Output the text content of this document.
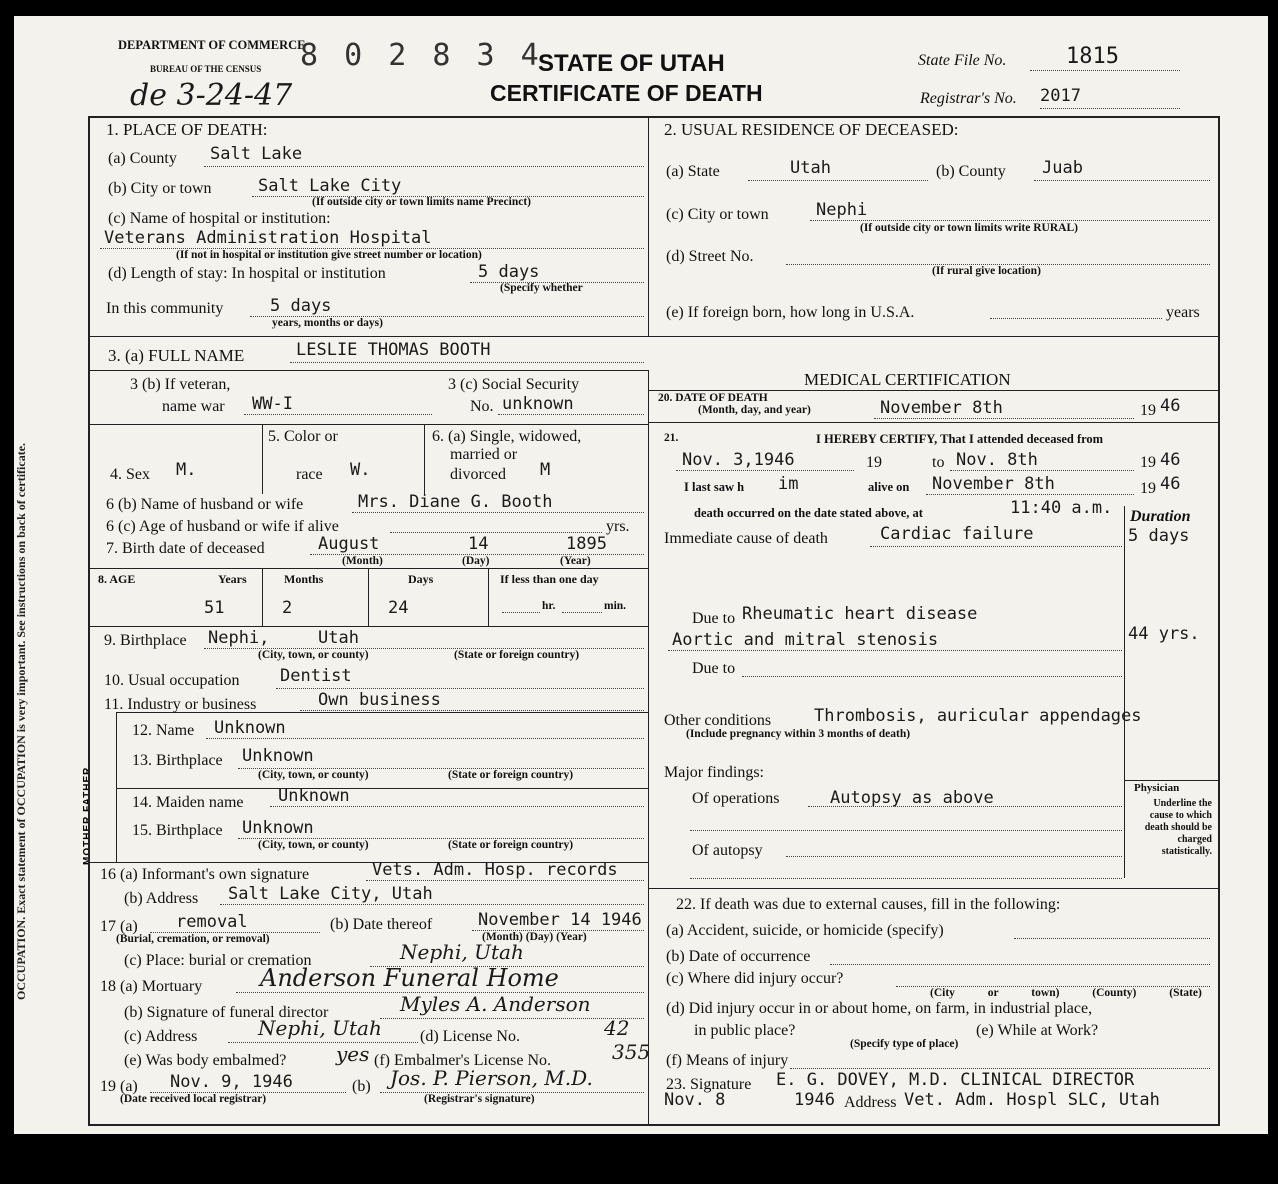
OCCUPATION. Exact statement of OCCUPATION is very important. See instructions on back of certificate.	MOTHER FATHER
DEPARTMENT OF COMMERCE
BUREAU OF THE CENSUS 8 0 2 8 3 4
de 3-24-47
STATE OF UTAH
CERTIFICATE OF DEATH
State File No.	1815
Registrar's No. 2017
1. PLACE OF DEATH:
(a) County Salt Lake
(b) City or town	Salt Lake City
(If outside city or town limits name Precinct)
(c) Name of hospital or institution:
Veterans Administration Hospital
(If not in hospital or institution give street number or location)
(d) Length of stay: In hospital or institution	5 days
(Specify whether
In this community	5 days
years, months or days)
2. USUAL RESIDENCE OF DECEASED:
(a) State	Utah	(b) County Juab
(c) City or town	Nephi
(If outside city or town limits write RURAL)
(d) Street No.
(If rural give location)
(e) If foreign born, how long in U.S.A.	years
3. (a) FULL NAME	LESLIE THOMAS BOOTH
3 (b) If veteran,
name war WW-I
3 (c) Social Security
No. unknown
5. Color or
race W.
6. (a) Single, widowed,
married or
divorced M
4. Sex M.
6 (b) Name of husband or wife	Mrs. Diane G. Booth
6 (c) Age of husband or wife if alive	yrs.
7. Birth date of deceased	August	14	1895
(Month)	(Day)	(Year)
8. AGE	Years	Months	Days	If less than one day
51	2	24	hr.	min.
9. Birthplace Nephi,	Utah
(City, town, or county)	(State or foreign country)
10. Usual occupation Dentist
11. Industry or business	Own business
12. Name Unknown
13. Birthplace Unknown
(City, town, or county)	(State or foreign country)
14. Maiden name Unknown
15. Birthplace Unknown
(City, town, or county)	(State or foreign country)
16 (a) Informant's own signature	Vets. Adm. Hosp. records
(b) Address Salt Lake City, Utah
17 (a) removal
(Burial, cremation, or removal)
(b) Date thereof	November 14 1946
(Month) (Day) (Year)
(c) Place: burial or cremation	Nephi, Utah
18 (a) Mortuary Anderson Funeral Home
(b) Signature of funeral director	Myles A. Anderson
(c) Address	Nephi, Utah (d) License No.	42
(e) Was body embalmed? yes (f) Embalmer's License No.	355
19 (a) Nov. 9, 1946
(Date received local registrar)
(b) Jos. P. Pierson, M.D.
(Registrar's signature)
MEDICAL CERTIFICATION
20. DATE OF DEATH
(Month, day, and year)	November 8th	19 46
21.	I HEREBY CERTIFY, That I attended deceased from
Nov. 3,1946	19	to Nov. 8th	19 46
I last saw h im	alive on November 8th	19 46
death occurred on the date stated above, at	11:40 a.m. Duration
Immediate cause of death	Cardiac failure	5 days
Due to Rheumatic heart disease
Aortic and mitral stenosis	44 yrs.
Due to
Other conditions	Thrombosis, auricular appendages
(Include pregnancy within 3 months of death)
Major findings:
Of operations	Autopsy as above
Of autopsy
Physician
Underline the cause to which death should be charged statistically.
22. If death was due to external causes, fill in the following:
(a) Accident, suicide, or homicide (specify)
(b) Date of occurrence
(c) Where did injury occur?
(City or town) (County) (State)
(d) Did injury occur in or about home, on farm, in industrial place,
in public place?
(Specify type of place)
(e) While at Work?
(f) Means of injury
23. Signature E. G. DOVEY, M.D. CLINICAL DIRECTOR
Nov. 8	1946 Address Vet. Adm. Hospl SLC, Utah
